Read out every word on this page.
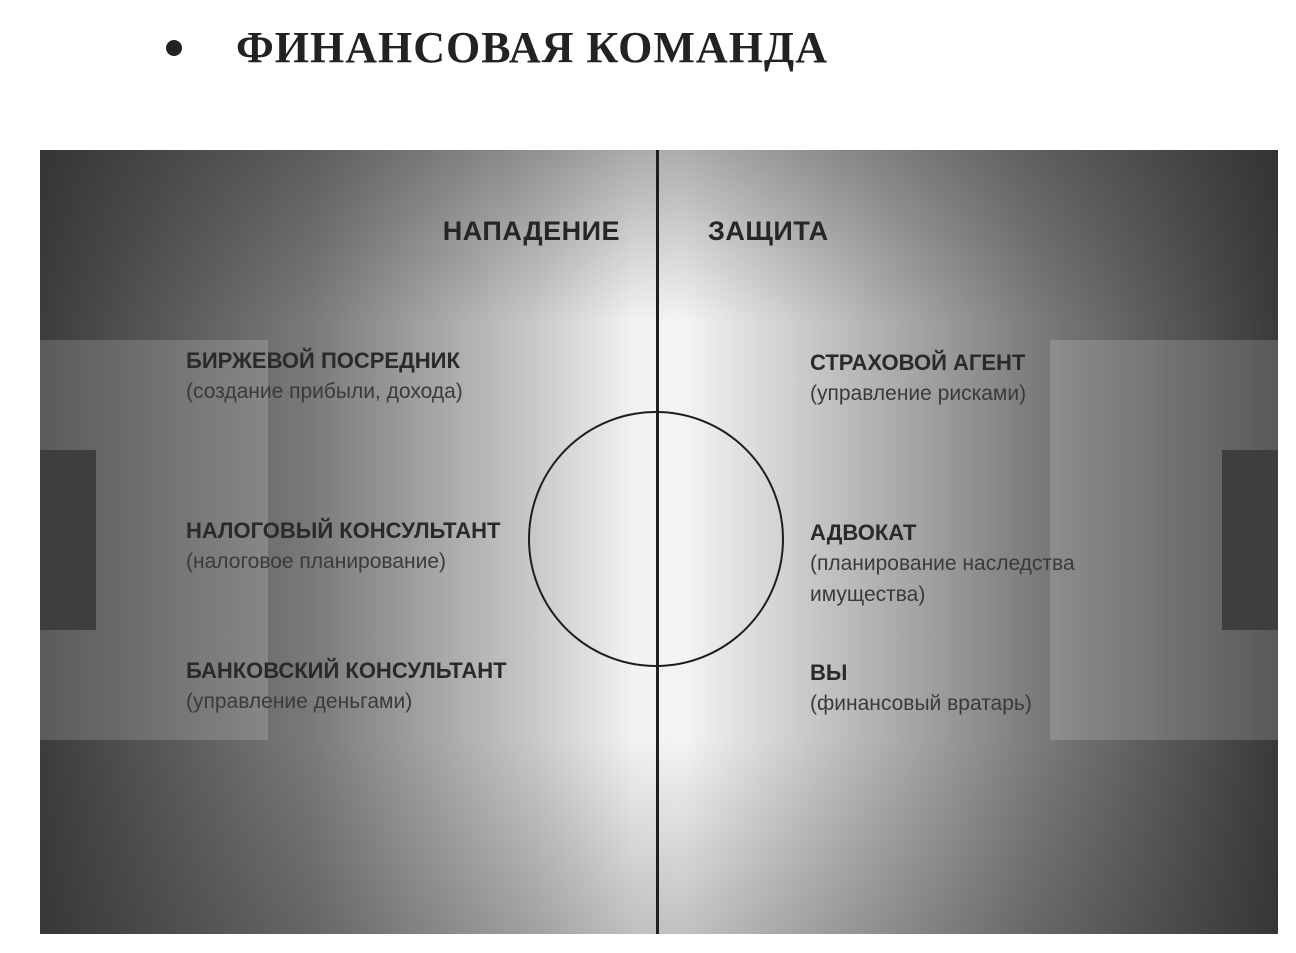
ФИНАНСОВАЯ КОМАНДА
НАПАДЕНИЕ	ЗАЩИТА
БИРЖЕВОЙ ПОСРЕДНИК
(создание прибыли, дохода)
НАЛОГОВЫЙ КОНСУЛЬТАНТ
(налоговое планирование)
БАНКОВСКИЙ КОНСУЛЬТАНТ
(управление деньгами)
СТРАХОВОЙ АГЕНТ
(управление рисками)
АДВОКАТ
(планирование наследства имущества)
ВЫ
(финансовый вратарь)
